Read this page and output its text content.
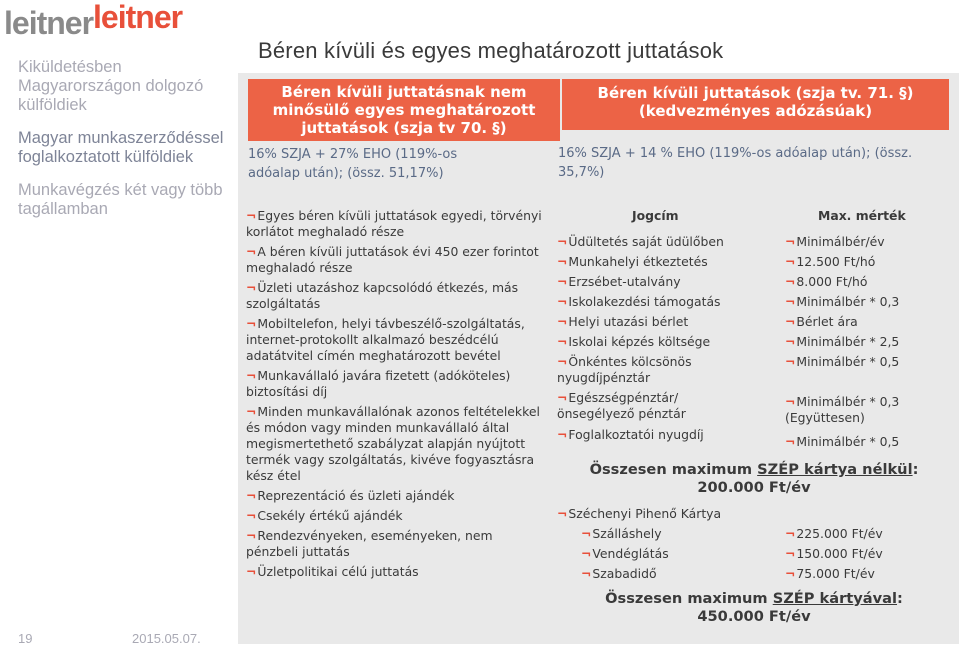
leitnerleitner
Kiküldetésben Magyarországon dolgozó külföldiek
Magyar munkaszerződéssel foglalkoztatott külföldiek
Munkavégzés két vagy több tagállamban
19	2015.05.07.
Béren kívüli és egyes meghatározott juttatások
Béren kívüli juttatásnak nem minősülő egyes meghatározott juttatások (szja tv 70. §)
Béren kívüli juttatások (szja tv. 71. §)
(kedvezményes adózásúak)
16% SZJA + 27% EHO (119%-os adóalap után); (össz. 51,17%)
16% SZJA + 14 % EHO (119%-os adóalap után); (össz. 35,7%)
¬Egyes béren kívüli juttatások egyedi, törvényi korlátot meghaladó része
¬A béren kívüli juttatások évi 450 ezer forintot meghaladó része
¬Üzleti utazáshoz kapcsolódó étkezés, más szolgáltatás
¬Mobiltelefon, helyi távbeszélő-szolgáltatás, internet-protokollt alkalmazó beszédcélú adatátvitel címén meghatározott bevétel
¬Munkavállaló javára fizetett (adóköteles) biztosítási díj
¬Minden munkavállalónak azonos feltételekkel és módon vagy minden munkavállaló által megismertethető szabályzat alapján nyújtott termék vagy szolgáltatás, kivéve fogyasztásra kész étel
¬Reprezentáció és üzleti ajándék
¬Csekély értékű ajándék
¬Rendezvényeken, eseményeken, nem pénzbeli juttatás
¬Üzletpolitikai célú juttatás
Jogcím	Max. mérték
¬Üdültetés saját üdülőben
¬Munkahelyi étkeztetés
¬Erzsébet-utalvány
¬Iskolakezdési támogatás
¬Helyi utazási bérlet
¬Iskolai képzés költsége
¬Önkéntes kölcsönös nyugdíjpénztár
¬Egészségpénztár/ önsegélyező pénztár
¬Foglalkoztatói nyugdíj
¬Minimálbér/év
¬12.500 Ft/hó
¬8.000 Ft/hó
¬Minimálbér * 0,3
¬Bérlet ára
¬Minimálbér * 2,5
¬Minimálbér * 0,5
¬Minimálbér * 0,3 (Együttesen)
¬Minimálbér * 0,5
Összesen maximum SZÉP kártya nélkül:
200.000 Ft/év
¬Széchenyi Pihenő Kártya
¬Szálláshely
¬Vendéglátás
¬Szabadidő
¬225.000 Ft/év
¬150.000 Ft/év
¬75.000 Ft/év
Összesen maximum SZÉP kártyával:
450.000 Ft/év
